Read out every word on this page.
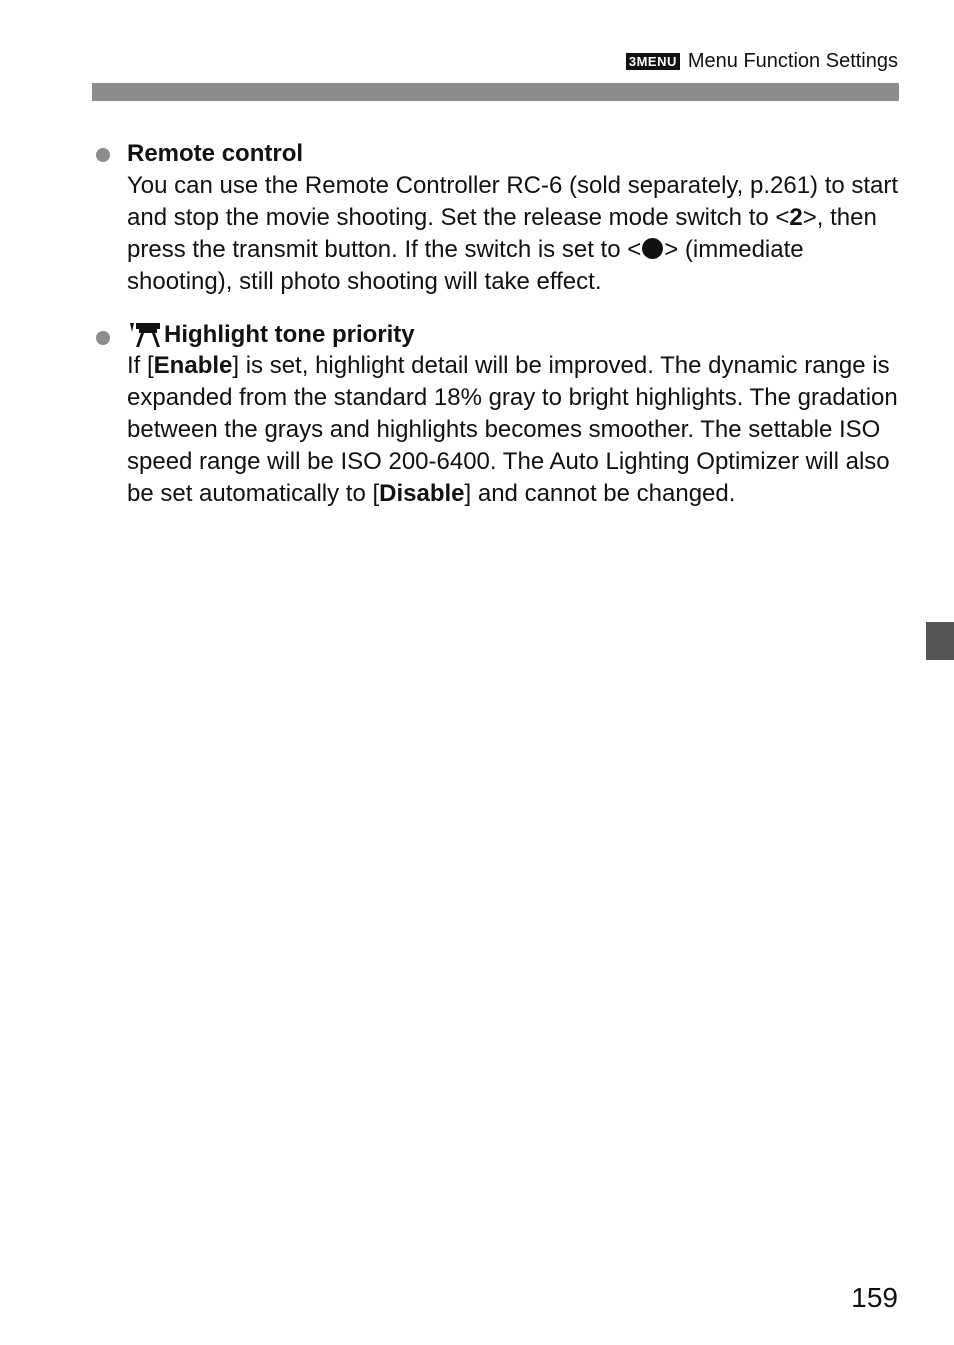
3MENU Menu Function Settings
Remote control

You can use the Remote Controller RC-6 (sold separately, p.261) to start and stop the movie shooting. Set the release mode switch to <2>, then press the transmit button. If the switch is set to < > (immediate shooting), still photo shooting will take effect.

Highlight tone priority

If [Enable] is set, highlight detail will be improved. The dynamic range is expanded from the standard 18% gray to bright highlights. The gradation between the grays and highlights becomes smoother. The settable ISO speed range will be ISO 200-6400. The Auto Lighting Optimizer will also be set automatically to [Disable] and cannot be changed.

159
